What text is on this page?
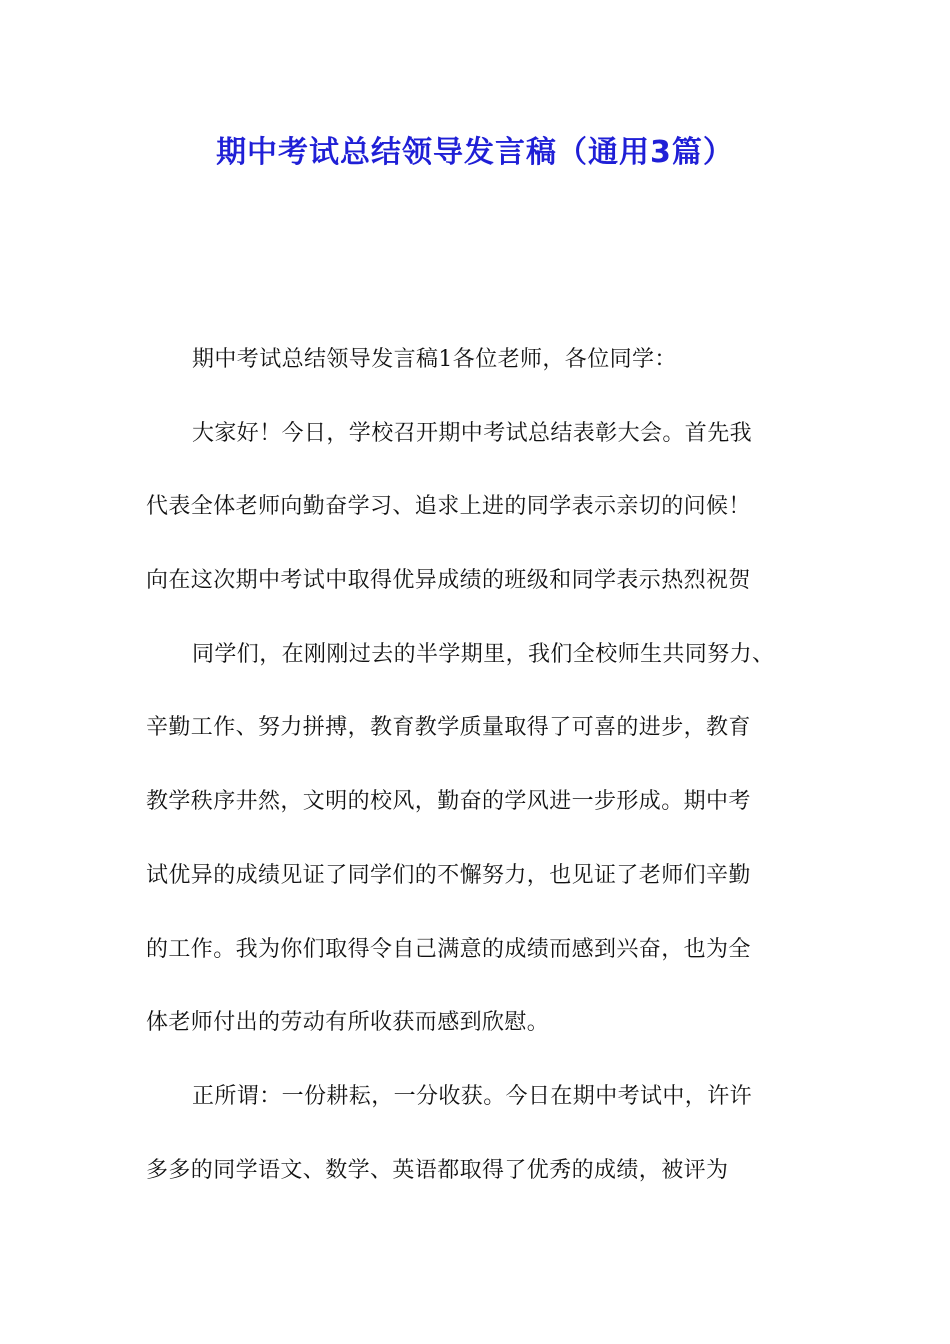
期中考试总结领导发言稿（通用3篇）

期中考试总结领导发言稿1各位老师，各位同学：

大家好！今日，学校召开期中考试总结表彰大会。首先我

代表全体老师向勤奋学习、追求上进的同学表示亲切的问候！

向在这次期中考试中取得优异成绩的班级和同学表示热烈祝贺

同学们，在刚刚过去的半学期里，我们全校师生共同努力、

辛勤工作、努力拼搏，教育教学质量取得了可喜的进步，教育

教学秩序井然，文明的校风，勤奋的学风进一步形成。期中考

试优异的成绩见证了同学们的不懈努力，也见证了老师们辛勤

的工作。我为你们取得令自己满意的成绩而感到兴奋，也为全

体老师付出的劳动有所收获而感到欣慰。

正所谓：一份耕耘，一分收获。今日在期中考试中，许许

多多的同学语文、数学、英语都取得了优秀的成绩，被评为
